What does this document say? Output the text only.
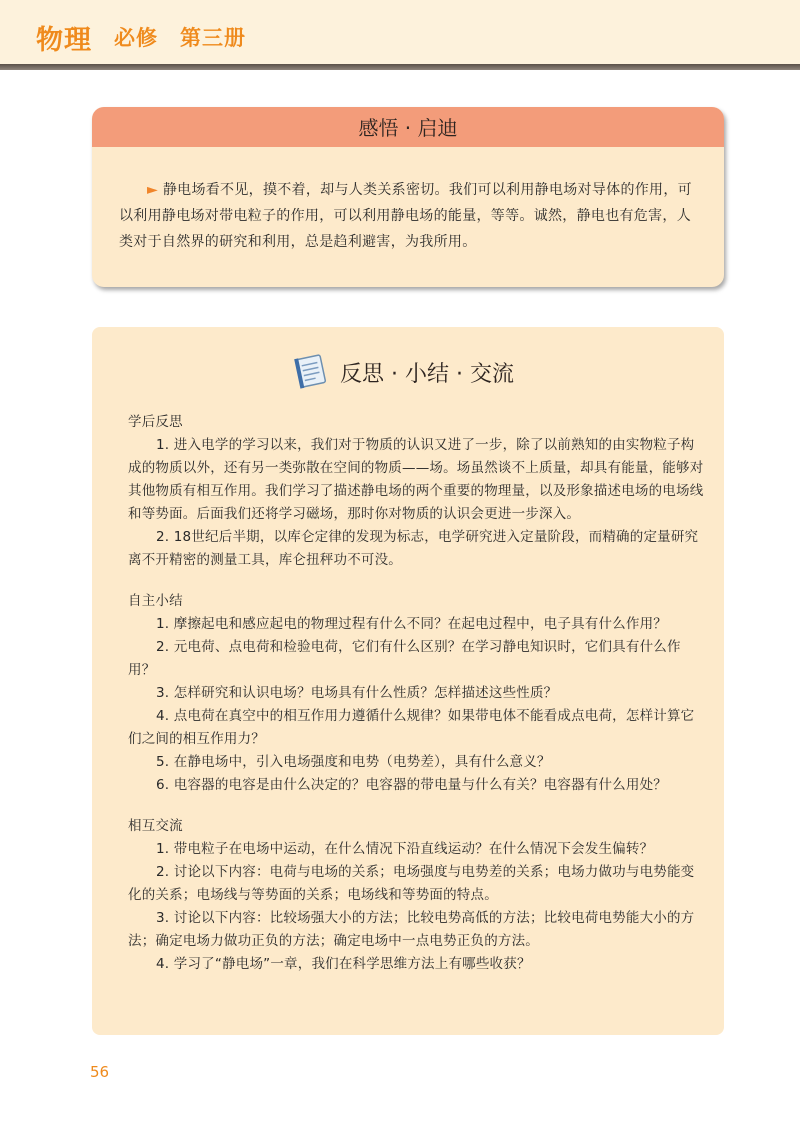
物理 必修　第三册
感悟 · 启迪
► 静电场看不见，摸不着，却与人类关系密切。我们可以利用静电场对导体的作用，可以利用静电场对带电粒子的作用，可以利用静电场的能量，等等。诚然，静电也有危害，人类对于自然界的研究和利用，总是趋利避害，为我所用。
反思 · 小结 · 交流

学后反思

1. 进入电学的学习以来，我们对于物质的认识又进了一步，除了以前熟知的由实物粒子构成的物质以外，还有另一类弥散在空间的物质——场。场虽然谈不上质量，却具有能量，能够对其他物质有相互作用。我们学习了描述静电场的两个重要的物理量，以及形象描述电场的电场线和等势面。后面我们还将学习磁场，那时你对物质的认识会更进一步深入。

2. 18世纪后半期，以库仑定律的发现为标志，电学研究进入定量阶段，而精确的定量研究离不开精密的测量工具，库仑扭秤功不可没。

自主小结

1. 摩擦起电和感应起电的物理过程有什么不同？在起电过程中，电子具有什么作用？

2. 元电荷、点电荷和检验电荷，它们有什么区别？在学习静电知识时，它们具有什么作用？

3. 怎样研究和认识电场？电场具有什么性质？怎样描述这些性质？

4. 点电荷在真空中的相互作用力遵循什么规律？如果带电体不能看成点电荷，怎样计算它们之间的相互作用力？

5. 在静电场中，引入电场强度和电势（电势差），具有什么意义？

6. 电容器的电容是由什么决定的？电容器的带电量与什么有关？电容器有什么用处？

相互交流

1. 带电粒子在电场中运动，在什么情况下沿直线运动？在什么情况下会发生偏转？

2. 讨论以下内容：电荷与电场的关系；电场强度与电势差的关系；电场力做功与电势能变化的关系；电场线与等势面的关系；电场线和等势面的特点。

3. 讨论以下内容：比较场强大小的方法；比较电势高低的方法；比较电荷电势能大小的方法；确定电场力做功正负的方法；确定电场中一点电势正负的方法。

4. 学习了“静电场”一章，我们在科学思维方法上有哪些收获？

56
